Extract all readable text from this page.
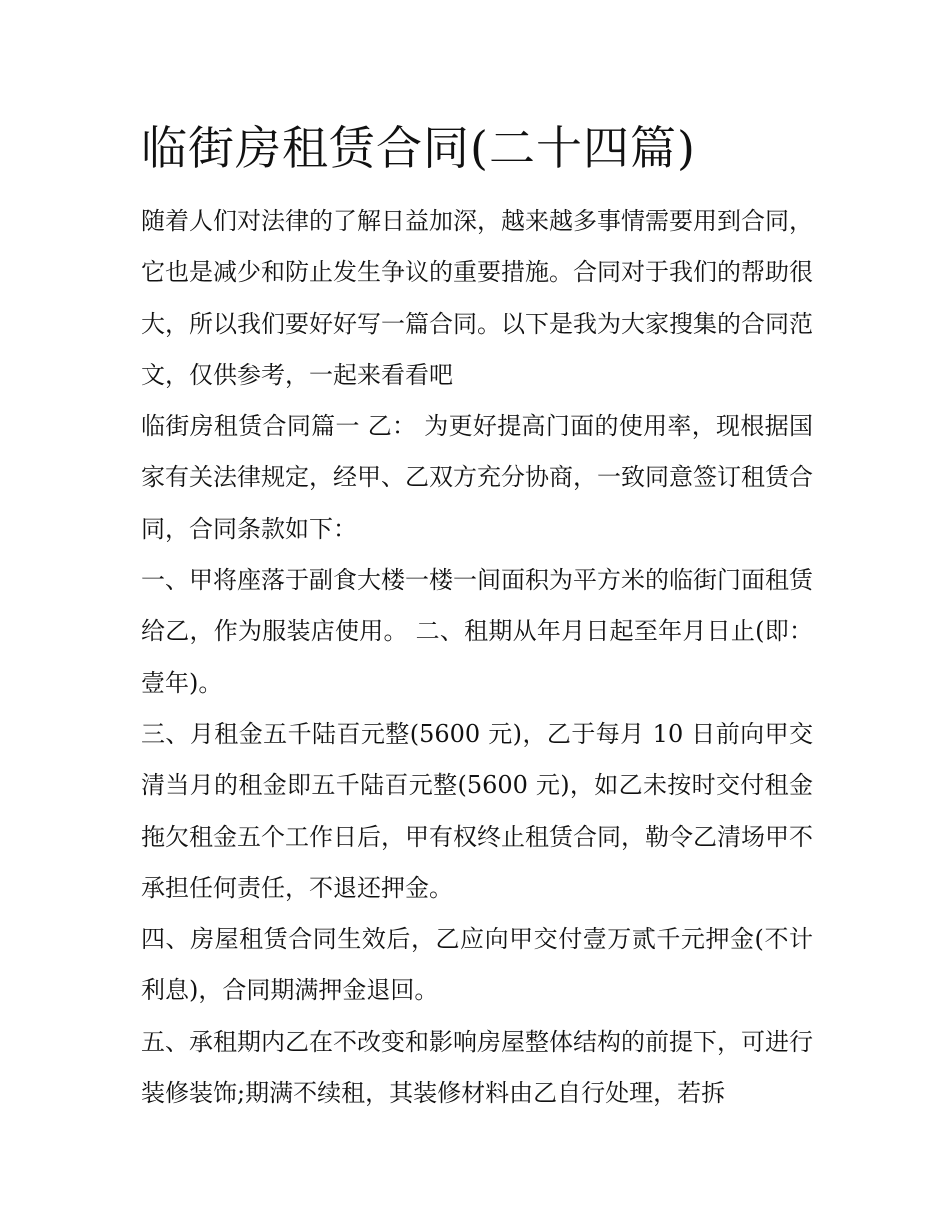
临街房租赁合同(二十四篇)

随着人们对法律的了解日益加深，越来越多事情需要用到合同，它也是减少和防止发生争议的重要措施。合同对于我们的帮助很大，所以我们要好好写一篇合同。以下是我为大家搜集的合同范文，仅供参考，一起来看看吧

临街房租赁合同篇一 乙： 为更好提高门面的使用率，现根据国家有关法律规定，经甲、乙双方充分协商，一致同意签订租赁合同，合同条款如下：

一、甲将座落于副食大楼一楼一间面积为平方米的临街门面租赁给乙，作为服装店使用。 二、租期从年月日起至年月日止(即：壹年)。

三、月租金五千陆百元整(5600 元)，乙于每月 10 日前向甲交清当月的租金即五千陆百元整(5600 元)，如乙未按时交付租金拖欠租金五个工作日后，甲有权终止租赁合同，勒令乙清场甲不承担任何责任，不退还押金。

四、房屋租赁合同生效后，乙应向甲交付壹万贰千元押金(不计利息)，合同期满押金退回。

五、承租期内乙在不改变和影响房屋整体结构的前提下，可进行装修装饰;期满不续租，其装修材料由乙自行处理，若拆
